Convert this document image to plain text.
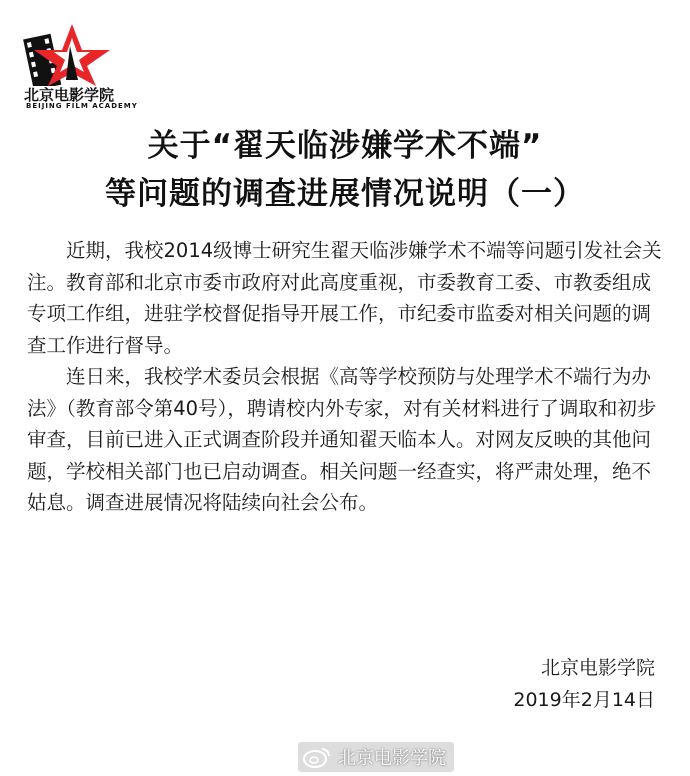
北京电影学院
BEIJING FILM ACADEMY
关于“翟天临涉嫌学术不端”
等问题的调查进展情况说明（一）

近期，我校2014级博士研究生翟天临涉嫌学术不端等问题引发社会关注。教育部和北京市委市政府对此高度重视，市委教育工委、市教委组成专项工作组，进驻学校督促指导开展工作，市纪委市监委对相关问题的调查工作进行督导。

连日来，我校学术委员会根据《高等学校预防与处理学术不端行为办法》（教育部令第40号），聘请校内外专家，对有关材料进行了调取和初步审查，目前已进入正式调查阶段并通知翟天临本人。对网友反映的其他问题，学校相关部门也已启动调查。相关问题一经查实，将严肃处理，绝不姑息。调查进展情况将陆续向社会公布。

北京电影学院
2019年2月14日
北京电影学院
